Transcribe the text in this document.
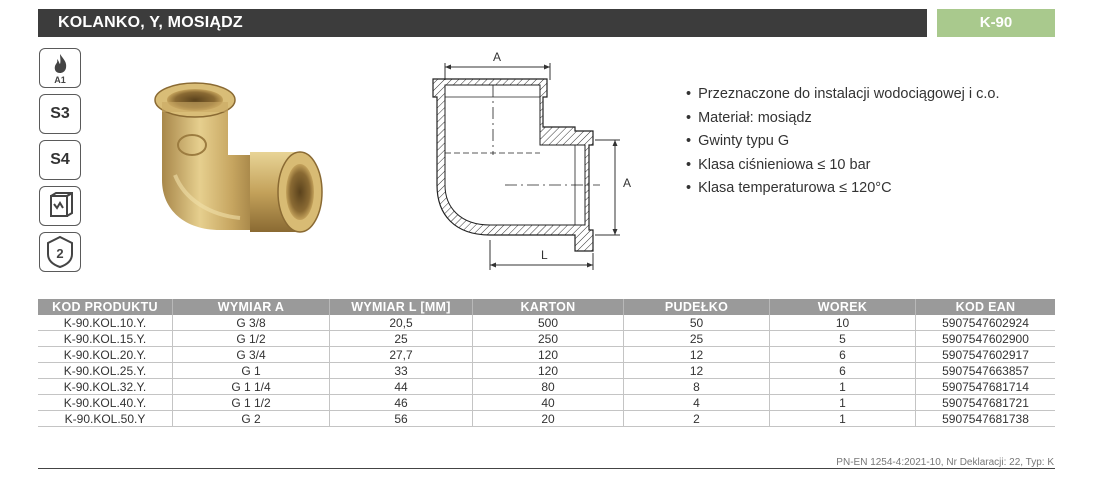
KOLANKO, Y, MOSIĄDZ	K-90
A1
S3
S4
2
A
A
L
• Przeznaczone do instalacji wodociągowej i c.o.
• Materiał: mosiądz
• Gwinty typu G
• Klasa ciśnieniowa ≤ 10 bar
• Klasa temperaturowa ≤ 120°C
KOD PRODUKTU	WYMIAR A	WYMIAR L [MM]	KARTON	PUDEŁKO	WOREK	KOD EAN
K-90.KOL.10.Y.	G 3/8	20,5	500	50	10	5907547602924
K-90.KOL.15.Y.	G 1/2	25	250	25	5	5907547602900
K-90.KOL.20.Y.	G 3/4	27,7	120	12	6	5907547602917
K-90.KOL.25.Y.	G 1	33	120	12	6	5907547663857
K-90.KOL.32.Y.	G 1 1/4	44	80	8	1	5907547681714
K-90.KOL.40.Y.	G 1 1/2	46	40	4	1	5907547681721
K-90.KOL.50.Y	G 2	56	20	2	1	5907547681738
PN-EN 1254-4:2021-10, Nr Deklaracji: 22, Typ: K
